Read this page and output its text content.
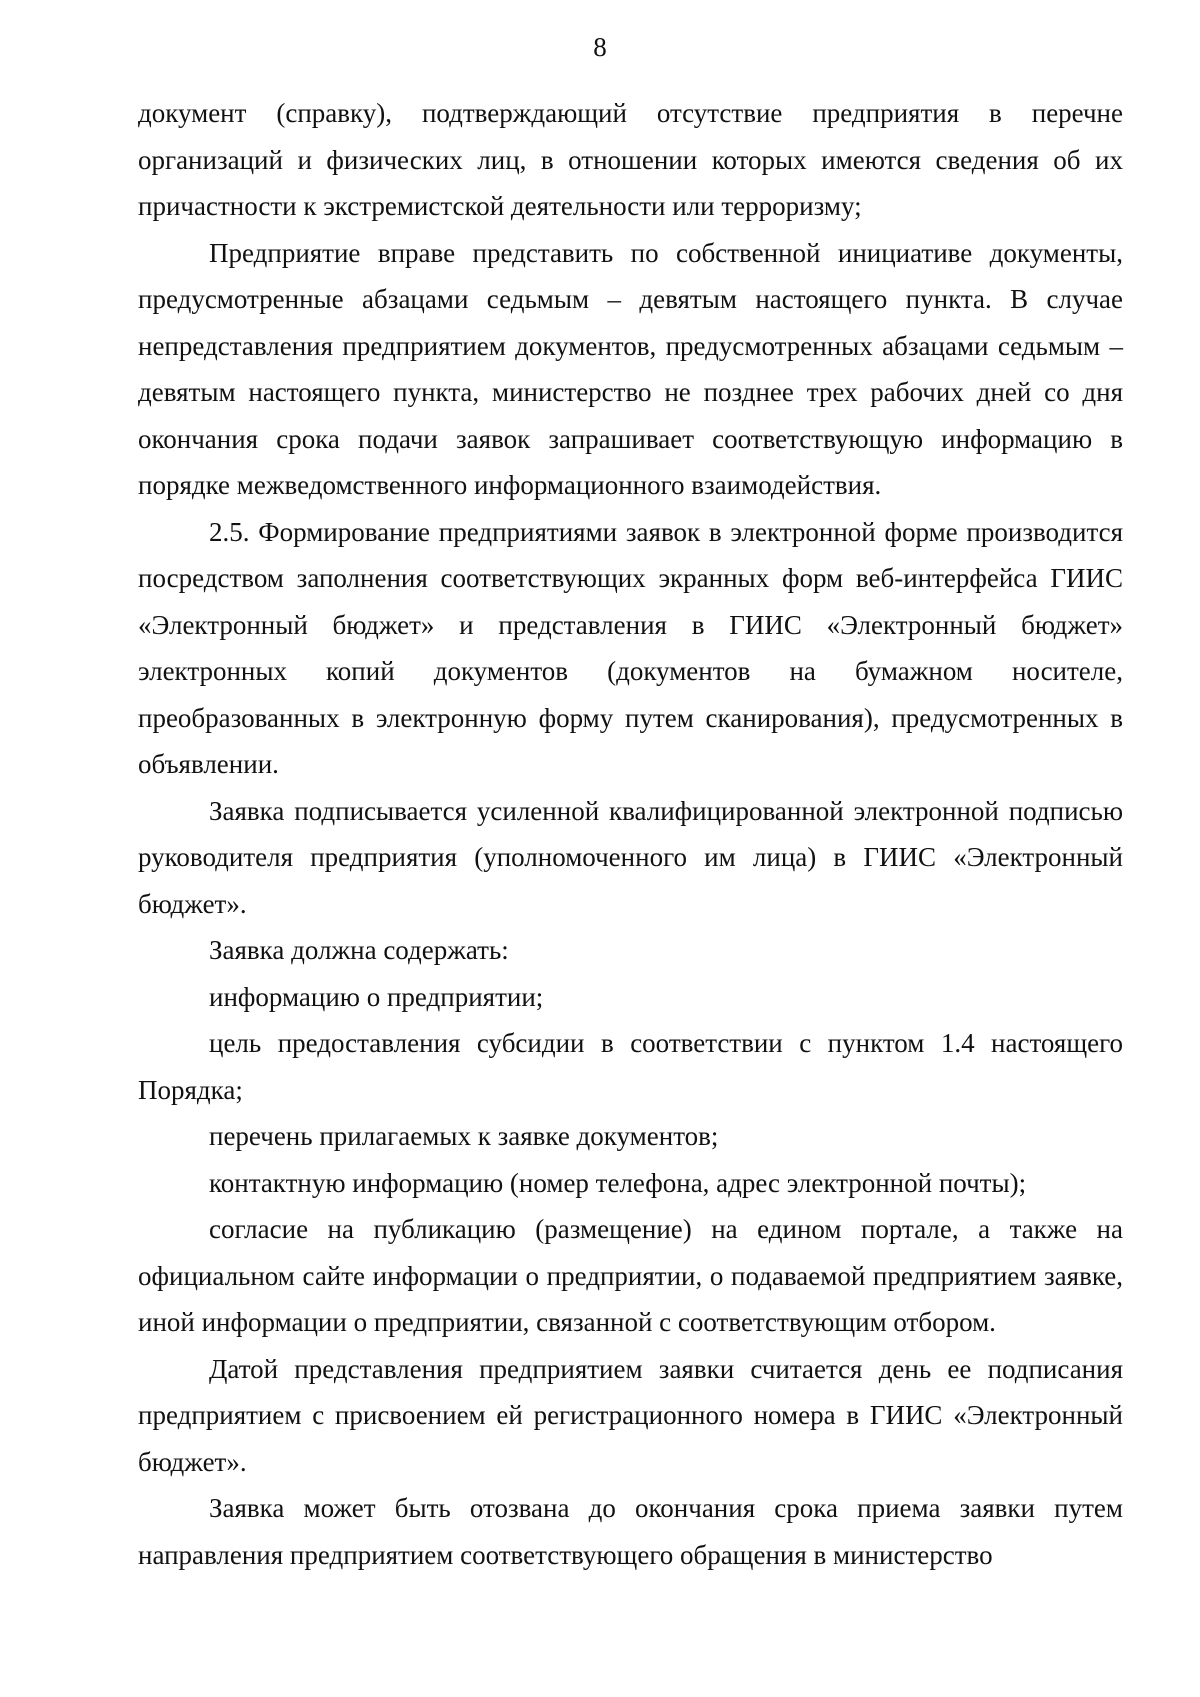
8

документ (справку), подтверждающий отсутствие предприятия в перечне организаций и физических лиц, в отношении которых имеются сведения об их причастности к экстремистской деятельности или терроризму;

Предприятие вправе представить по собственной инициативе документы, предусмотренные абзацами седьмым – девятым настоящего пункта. В случае непредставления предприятием документов, предусмотренных абзацами седьмым – девятым настоящего пункта, министерство не позднее трех рабочих дней со дня окончания срока подачи заявок запрашивает соответствующую информацию в порядке межведомственного информационного взаимодействия.

2.5. Формирование предприятиями заявок в электронной форме производится посредством заполнения соответствующих экранных форм веб-интерфейса ГИИС «Электронный бюджет» и представления в ГИИС «Электронный бюджет» электронных копий документов (документов на бумажном носителе, преобразованных в электронную форму путем сканирования), предусмотренных в объявлении.

Заявка подписывается усиленной квалифицированной электронной подписью руководителя предприятия (уполномоченного им лица) в ГИИС «Электронный бюджет».

Заявка должна содержать:

информацию о предприятии;

цель предоставления субсидии в соответствии с пунктом 1.4 настоящего Порядка;

перечень прилагаемых к заявке документов;

контактную информацию (номер телефона, адрес электронной почты);

согласие на публикацию (размещение) на едином портале, а также на официальном сайте информации о предприятии, о подаваемой предприятием заявке, иной информации о предприятии, связанной с соответствующим отбором.

Датой представления предприятием заявки считается день ее подписания предприятием с присвоением ей регистрационного номера в ГИИС «Электронный бюджет».

Заявка может быть отозвана до окончания срока приема заявки путем направления предприятием соответствующего обращения в министерство
